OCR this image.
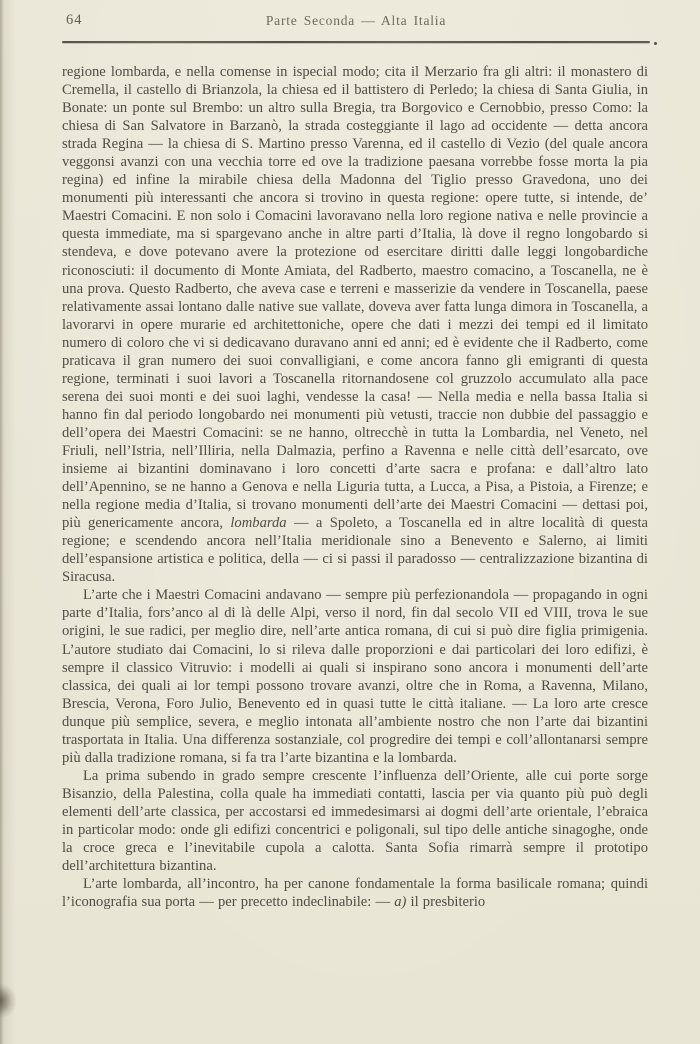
64	Parte Seconda — Alta Italia

regione lombarda, e nella comense in ispecial modo; cita il Merzario fra gli altri: il monastero di Cremella, il castello di Brianzola, la chiesa ed il battistero di Perledo; la chiesa di Santa Giulia, in Bonate: un ponte sul Brembo: un altro sulla Bregia, tra Borgovico e Cernobbio, presso Como: la chiesa di San Salvatore in Barzanò, la strada costeggiante il lago ad occidente — detta ancora strada Regina — la chiesa di S. Martino presso Varenna, ed il castello di Vezio (del quale ancora veggonsi avanzi con una vecchia torre ed ove la tradizione paesana vorrebbe fosse morta la pia regina) ed infine la mirabile chiesa della Madonna del Tiglio presso Gravedona, uno dei monumenti più interessanti che ancora si trovino in questa regione: opere tutte, si intende, de’ Maestri Comacini. E non solo i Comacini lavoravano nella loro regione nativa e nelle provincie a questa immediate, ma si spargevano anche in altre parti d’Italia, là dove il regno longobardo si stendeva, e dove potevano avere la protezione od esercitare diritti dalle leggi longobardiche riconosciuti: il documento di Monte Amiata, del Radberto, maestro comacino, a Toscanella, ne è una prova. Questo Radberto, che aveva case e terreni e masserizie da vendere in Toscanella, paese relativamente assai lontano dalle native sue vallate, doveva aver fatta lunga dimora in Toscanella, a lavorarvi in opere murarie ed architettoniche, opere che dati i mezzi dei tempi ed il limitato numero di coloro che vi si dedicavano duravano anni ed anni; ed è evidente che il Radberto, come praticava il gran numero dei suoi convalligiani, e come ancora fanno gli emigranti di questa regione, terminati i suoi lavori a Toscanella ritornandosene col gruzzolo accumulato alla pace serena dei suoi monti e dei suoi laghi, vendesse la casa! — Nella media e nella bassa Italia si hanno fin dal periodo longobardo nei monumenti più vetusti, traccie non dubbie del passaggio e dell’opera dei Maestri Comacini: se ne hanno, oltrecchè in tutta la Lombardia, nel Veneto, nel Friuli, nell’Istria, nell’Illiria, nella Dalmazia, perfino a Ravenna e nelle città dell’esarcato, ove insieme ai bizantini dominavano i loro concetti d’arte sacra e profana: e dall’altro lato dell’Apennino, se ne hanno a Genova e nella Liguria tutta, a Lucca, a Pisa, a Pistoia, a Firenze; e nella regione media d’Italia, si trovano monumenti dell’arte dei Maestri Comacini — dettasi poi, più genericamente ancora, lombarda — a Spoleto, a Toscanella ed in altre località di questa regione; e scendendo ancora nell’Italia meridionale sino a Benevento e Salerno, ai limiti dell’espansione artistica e politica, della — ci si passi il paradosso — centralizzazione bizantina di Siracusa.

L’arte che i Maestri Comacini andavano — sempre più perfezionandola — propagando in ogni parte d’Italia, fors’anco al di là delle Alpi, verso il nord, fin dal secolo VII ed VIII, trova le sue origini, le sue radici, per meglio dire, nell’arte antica romana, di cui si può dire figlia primigenia. L’autore studiato dai Comacini, lo si rileva dalle proporzioni e dai particolari dei loro edifizi, è sempre il classico Vitruvio: i modelli ai quali si inspirano sono ancora i monumenti dell’arte classica, dei quali ai lor tempi possono trovare avanzi, oltre che in Roma, a Ravenna, Milano, Brescia, Verona, Foro Julio, Benevento ed in quasi tutte le città italiane. — La loro arte cresce dunque più semplice, severa, e meglio intonata all’ambiente nostro che non l’arte dai bizantini trasportata in Italia. Una differenza sostanziale, col progredire dei tempi e coll’allontanarsi sempre più dalla tradizione romana, si fa tra l’arte bizantina e la lombarda.

La prima subendo in grado sempre crescente l’influenza dell’Oriente, alle cui porte sorge Bisanzio, della Palestina, colla quale ha immediati contatti, lascia per via quanto più può degli elementi dell’arte classica, per accostarsi ed immedesimarsi ai dogmi dell’arte orientale, l’ebraica in particolar modo: onde gli edifizi concentrici e poligonali, sul tipo delle antiche sinagoghe, onde la croce greca e l’inevitabile cupola a calotta. Santa Sofia rimarrà sempre il prototipo dell’architettura bizantina.

L’arte lombarda, all’incontro, ha per canone fondamentale la forma basilicale romana; quindi l’iconografia sua porta — per precetto indeclinabile: — a) il presbiterio
